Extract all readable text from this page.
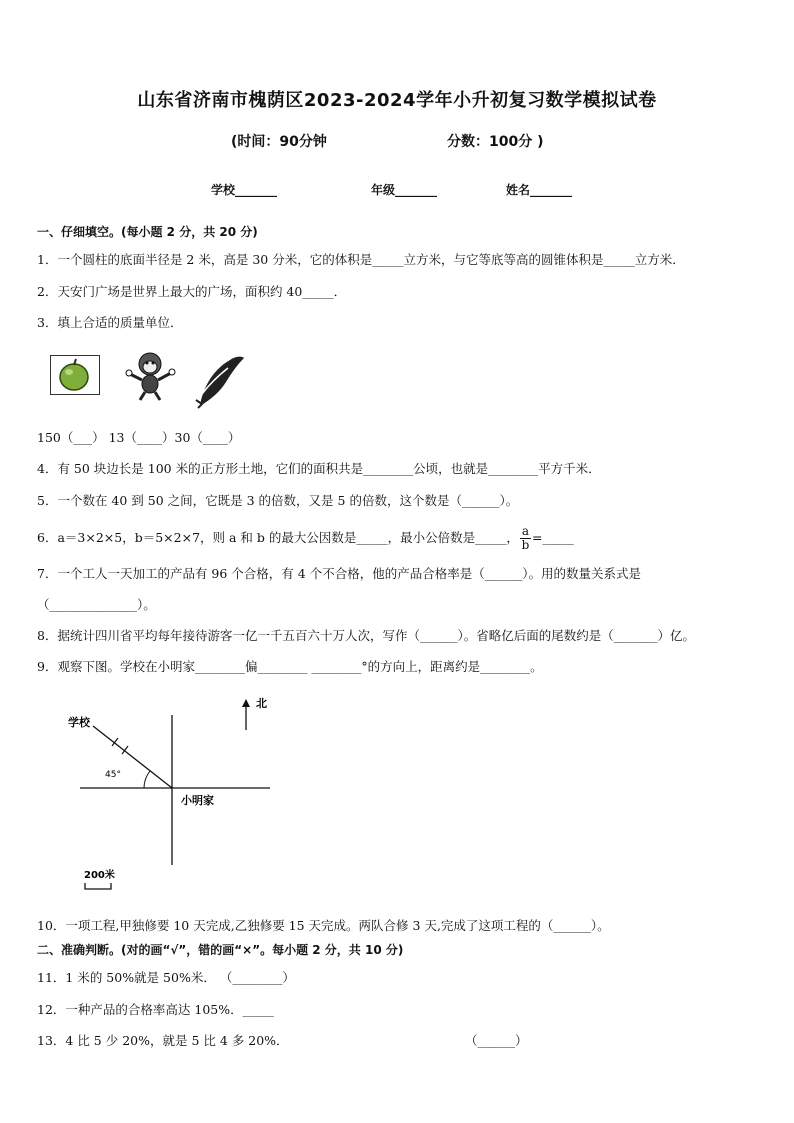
山东省济南市槐荫区2023-2024学年小升初复习数学模拟试卷
(时间：90分钟	分数：100分 )
学校_______	年级_______	姓名_______
一、仔细填空。(每小题 2 分，共 20 分)
1．一个圆柱的底面半径是 2 米，高是 30 分米，它的体积是_____立方米，与它等底等高的圆锥体积是_____立方米．
2．天安门广场是世界上最大的广场，面积约 40_____．
3．填上合适的质量单位．
150（___） 13（____）30（____）
4．有 50 块边长是 100 米的正方形土地，它们的面积共是________公顷，也就是________平方千米．
5．一个数在 40 到 50 之间，它既是 3 的倍数，又是 5 的倍数，这个数是（______）。
6．a＝3×2×5，b＝5×2×7，则 a 和 b 的最大公因数是_____，最小公倍数是_____， $\frac{a}{b}$ =_____
7．一个工人一天加工的产品有 96 个合格，有 4 个不合格，他的产品合格率是（______）。用的数量关系式是
（______________）。
8．据统计四川省平均每年接待游客一亿一千五百六十万人次，写作（______）。省略亿后面的尾数约是（_______）亿。
9．观察下图。学校在小明家________偏________ ________°的方向上，距离约是________。
北
学校
45°
小明家
200米
10．一项工程,甲独修要 10 天完成,乙独修要 15 天完成。两队合修 3 天,完成了这项工程的（______）。
二、准确判断。(对的画“√”，错的画“×”。每小题 2 分，共 10 分)
11．1 米的 50%就是 50%米． （________）
12．一种产品的合格率高达 105%．_____
13．4 比 5 少 20%，就是 5 比 4 多 20%．	（______）
